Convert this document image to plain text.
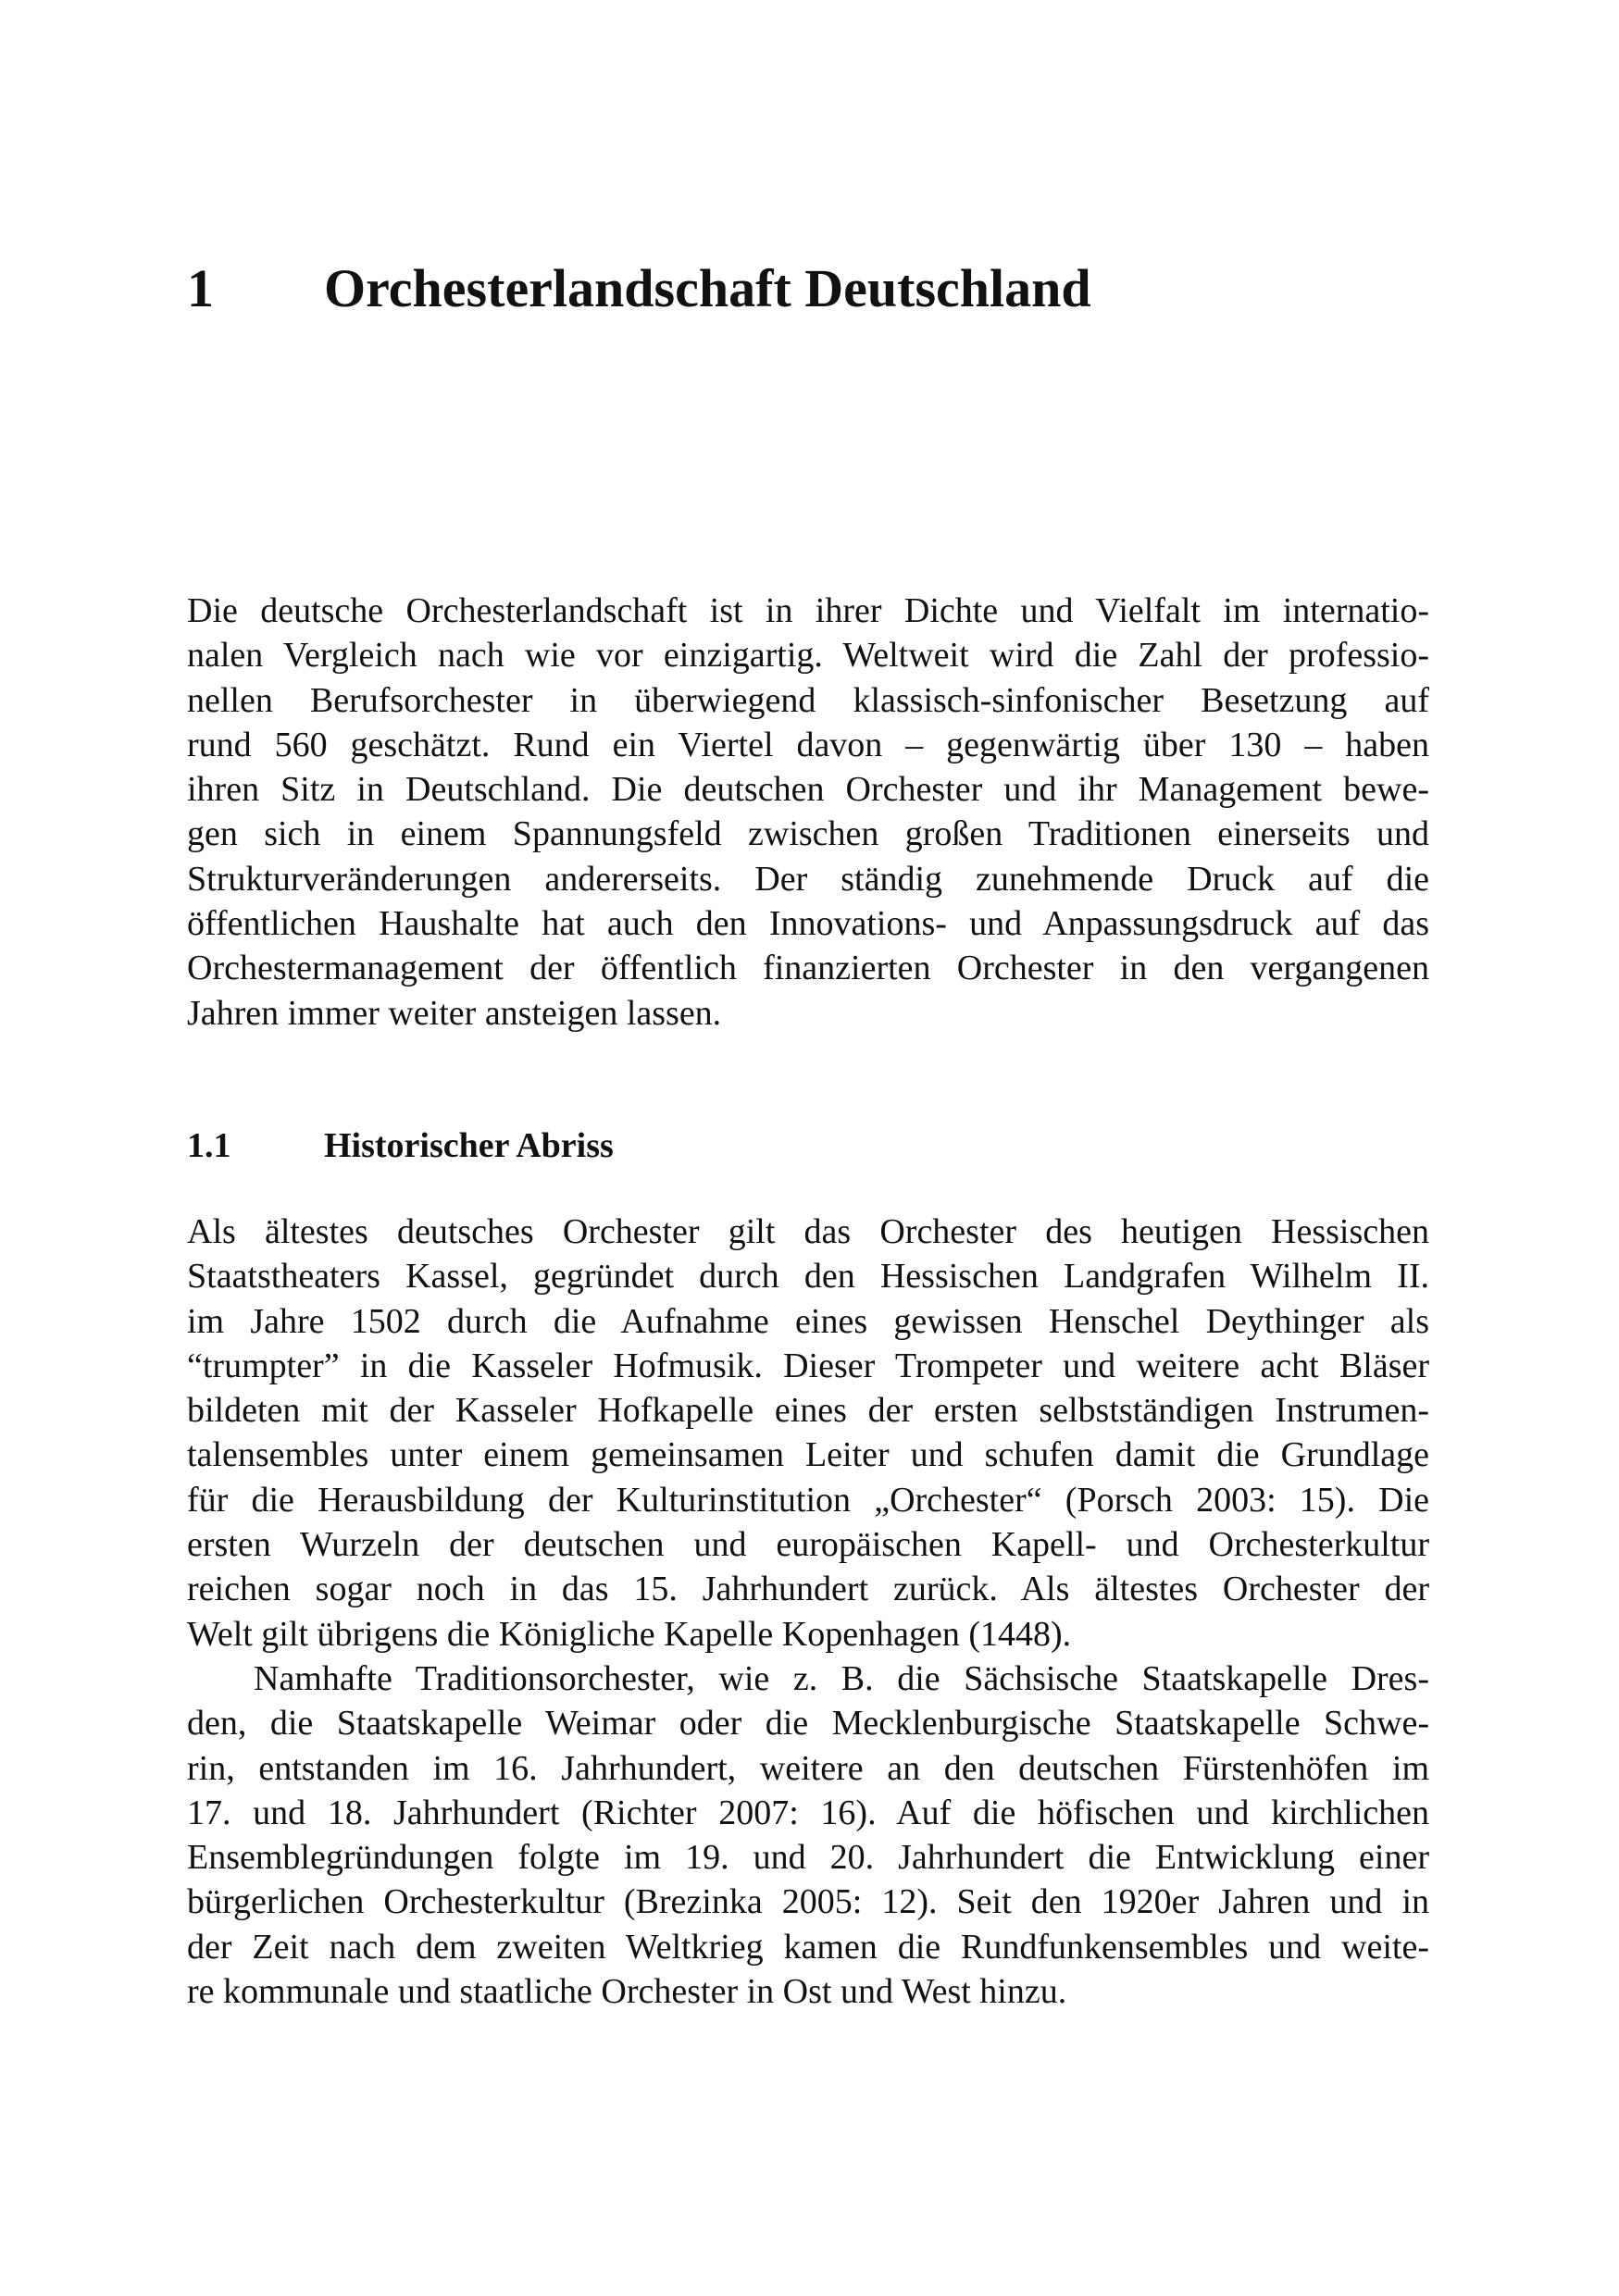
1 Orchesterlandschaft Deutschland
Die deutsche Orchesterlandschaft ist in ihrer Dichte und Vielfalt im internatio-
nalen Vergleich nach wie vor einzigartig. Weltweit wird die Zahl der professio-
nellen Berufsorchester in überwiegend klassisch-sinfonischer Besetzung auf
rund 560 geschätzt. Rund ein Viertel davon – gegenwärtig über 130 – haben
ihren Sitz in Deutschland. Die deutschen Orchester und ihr Management bewe-
gen sich in einem Spannungsfeld zwischen großen Traditionen einerseits und
Strukturveränderungen andererseits. Der ständig zunehmende Druck auf die
öffentlichen Haushalte hat auch den Innovations- und Anpassungsdruck auf das
Orchestermanagement der öffentlich finanzierten Orchester in den vergangenen
Jahren immer weiter ansteigen lassen.
1.1	Historischer Abriss
Als ältestes deutsches Orchester gilt das Orchester des heutigen Hessischen
Staatstheaters Kassel, gegründet durch den Hessischen Landgrafen Wilhelm II.
im Jahre 1502 durch die Aufnahme eines gewissen Henschel Deythinger als
“trumpter” in die Kasseler Hofmusik. Dieser Trompeter und weitere acht Bläser
bildeten mit der Kasseler Hofkapelle eines der ersten selbstständigen Instrumen-
talensembles unter einem gemeinsamen Leiter und schufen damit die Grundlage
für die Herausbildung der Kulturinstitution „Orchester“ (Porsch 2003: 15). Die
ersten Wurzeln der deutschen und europäischen Kapell- und Orchesterkultur
reichen sogar noch in das 15. Jahrhundert zurück. Als ältestes Orchester der
Welt gilt übrigens die Königliche Kapelle Kopenhagen (1448).
Namhafte Traditionsorchester, wie z. B. die Sächsische Staatskapelle Dres-
den, die Staatskapelle Weimar oder die Mecklenburgische Staatskapelle Schwe-
rin, entstanden im 16. Jahrhundert, weitere an den deutschen Fürstenhöfen im
17. und 18. Jahrhundert (Richter 2007: 16). Auf die höfischen und kirchlichen
Ensemblegründungen folgte im 19. und 20. Jahrhundert die Entwicklung einer
bürgerlichen Orchesterkultur (Brezinka 2005: 12). Seit den 1920er Jahren und in
der Zeit nach dem zweiten Weltkrieg kamen die Rundfunkensembles und weite-
re kommunale und staatliche Orchester in Ost und West hinzu.
